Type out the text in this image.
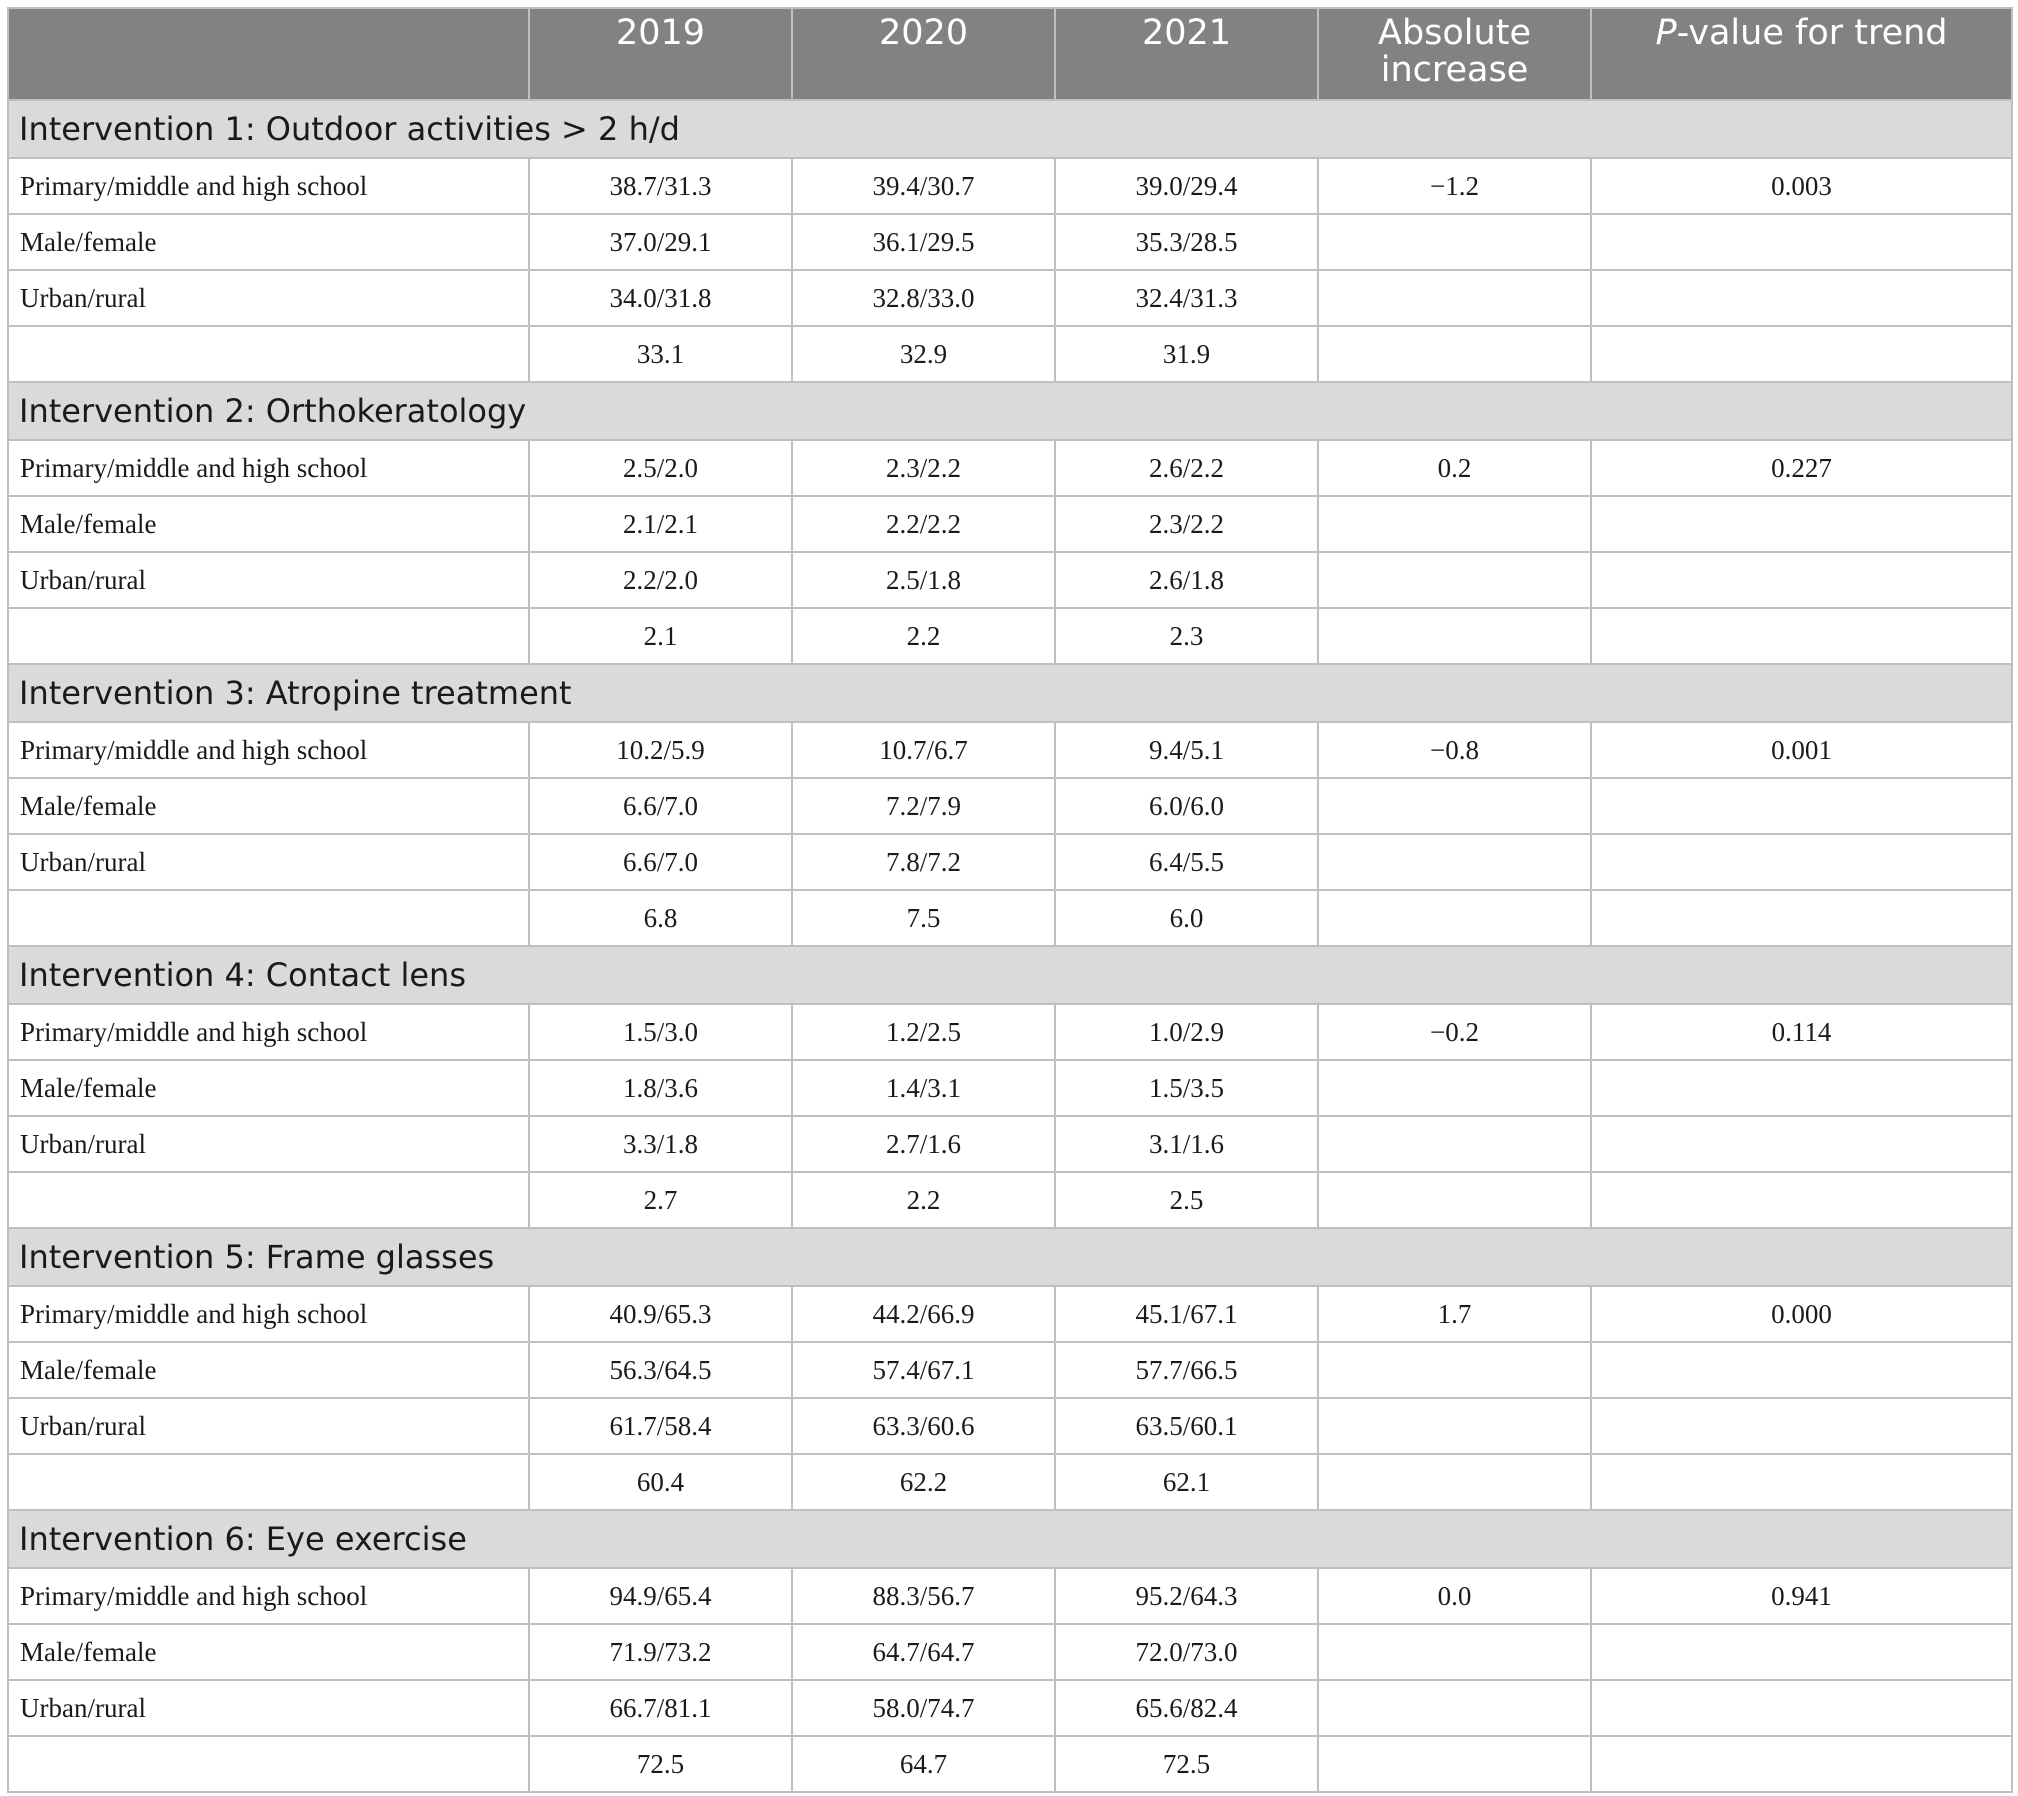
	2019	2020	2021	Absolute increase	P-value for trend
Intervention 1: Outdoor activities > 2 h/d					
Primary/middle and high school	38.7/31.3	39.4/30.7	39.0/29.4	−1.2	0.003
Male/female	37.0/29.1	36.1/29.5	35.3/28.5		
Urban/rural	34.0/31.8	32.8/33.0	32.4/31.3		
	33.1	32.9	31.9		
Intervention 2: Orthokeratology					
Primary/middle and high school	2.5/2.0	2.3/2.2	2.6/2.2	0.2	0.227
Male/female	2.1/2.1	2.2/2.2	2.3/2.2		
Urban/rural	2.2/2.0	2.5/1.8	2.6/1.8		
	2.1	2.2	2.3		
Intervention 3: Atropine treatment					
Primary/middle and high school	10.2/5.9	10.7/6.7	9.4/5.1	−0.8	0.001
Male/female	6.6/7.0	7.2/7.9	6.0/6.0		
Urban/rural	6.6/7.0	7.8/7.2	6.4/5.5		
	6.8	7.5	6.0		
Intervention 4: Contact lens					
Primary/middle and high school	1.5/3.0	1.2/2.5	1.0/2.9	−0.2	0.114
Male/female	1.8/3.6	1.4/3.1	1.5/3.5		
Urban/rural	3.3/1.8	2.7/1.6	3.1/1.6		
	2.7	2.2	2.5		
Intervention 5: Frame glasses					
Primary/middle and high school	40.9/65.3	44.2/66.9	45.1/67.1	1.7	0.000
Male/female	56.3/64.5	57.4/67.1	57.7/66.5		
Urban/rural	61.7/58.4	63.3/60.6	63.5/60.1		
	60.4	62.2	62.1		
Intervention 6: Eye exercise					
Primary/middle and high school	94.9/65.4	88.3/56.7	95.2/64.3	0.0	0.941
Male/female	71.9/73.2	64.7/64.7	72.0/73.0		
Urban/rural	66.7/81.1	58.0/74.7	65.6/82.4		
	72.5	64.7	72.5		
